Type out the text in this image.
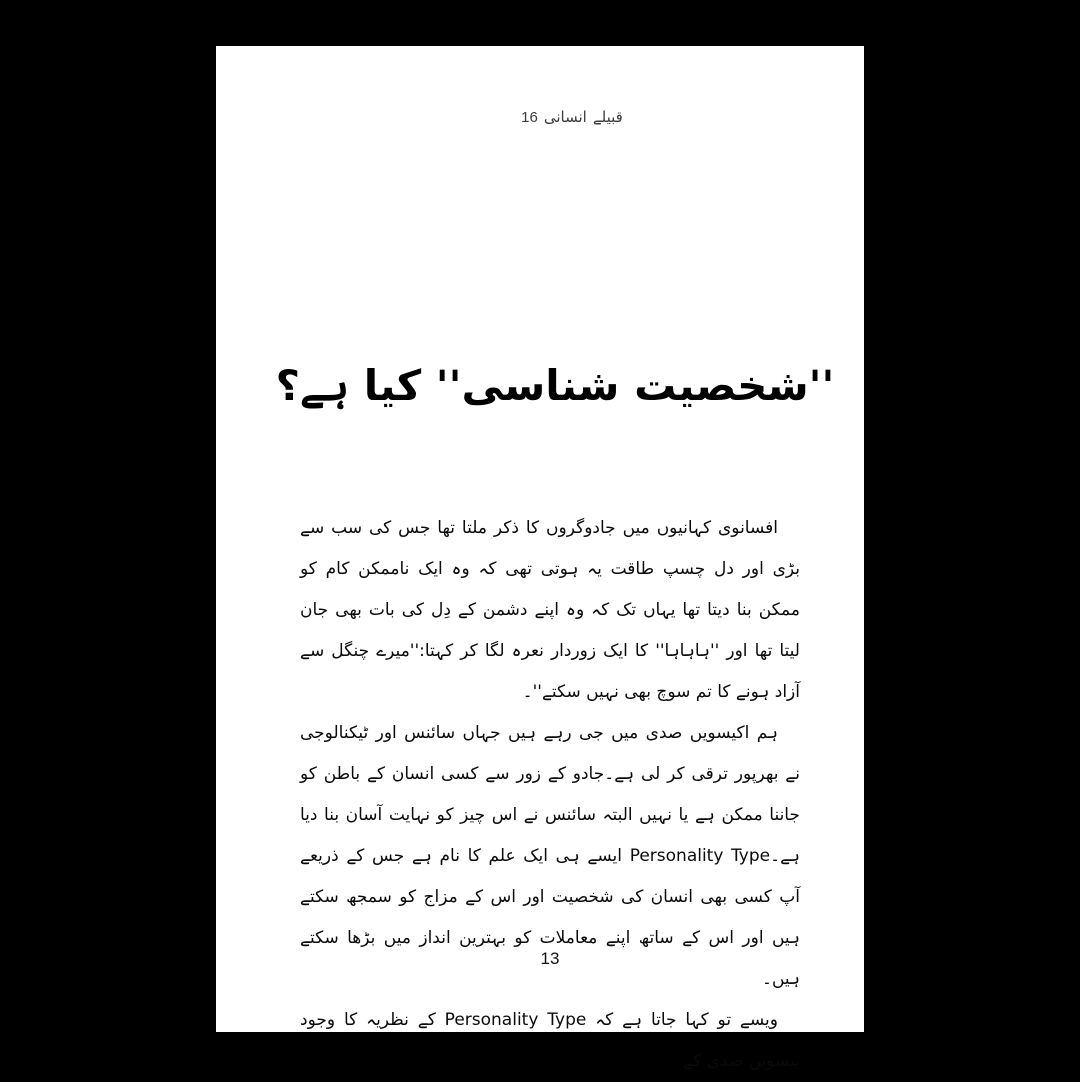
16 انسانی قبیلے
''شخصیت شناسی'' کیا ہے؟

افسانوی کہانیوں میں جادوگروں کا ذکر ملتا تھا جس کی سب سے بڑی اور دل چسپ طاقت یہ ہوتی تھی کہ وہ ایک ناممکن کام کو ممکن بنا دیتا تھا یہاں تک کہ وہ اپنے دشمن کے دِل کی بات بھی جان لیتا تھا اور ''ہاہاہا'' کا ایک زوردار نعرہ لگا کر کہتا:''میرے چنگل سے آزاد ہونے کا تم سوچ بھی نہیں سکتے''۔

ہم اکیسویں صدی میں جی رہے ہیں جہاں سائنس اور ٹیکنالوجی نے بھرپور ترقی کر لی ہے۔جادو کے زور سے کسی انسان کے باطن کو جاننا ممکن ہے یا نہیں البتہ سائنس نے اس چیز کو نہایت آسان بنا دیا ہے۔Personality Type ایسے ہی ایک علم کا نام ہے جس کے ذریعے آپ کسی بھی انسان کی شخصیت اور اس کے مزاج کو سمجھ سکتے ہیں اور اس کے ساتھ اپنے معاملات کو بہترین انداز میں بڑھا سکتے ہیں۔

ویسے تو کہا جاتا ہے کہ Personality Type کے نظریہ کا وجود بیسویں صدی کے

13
